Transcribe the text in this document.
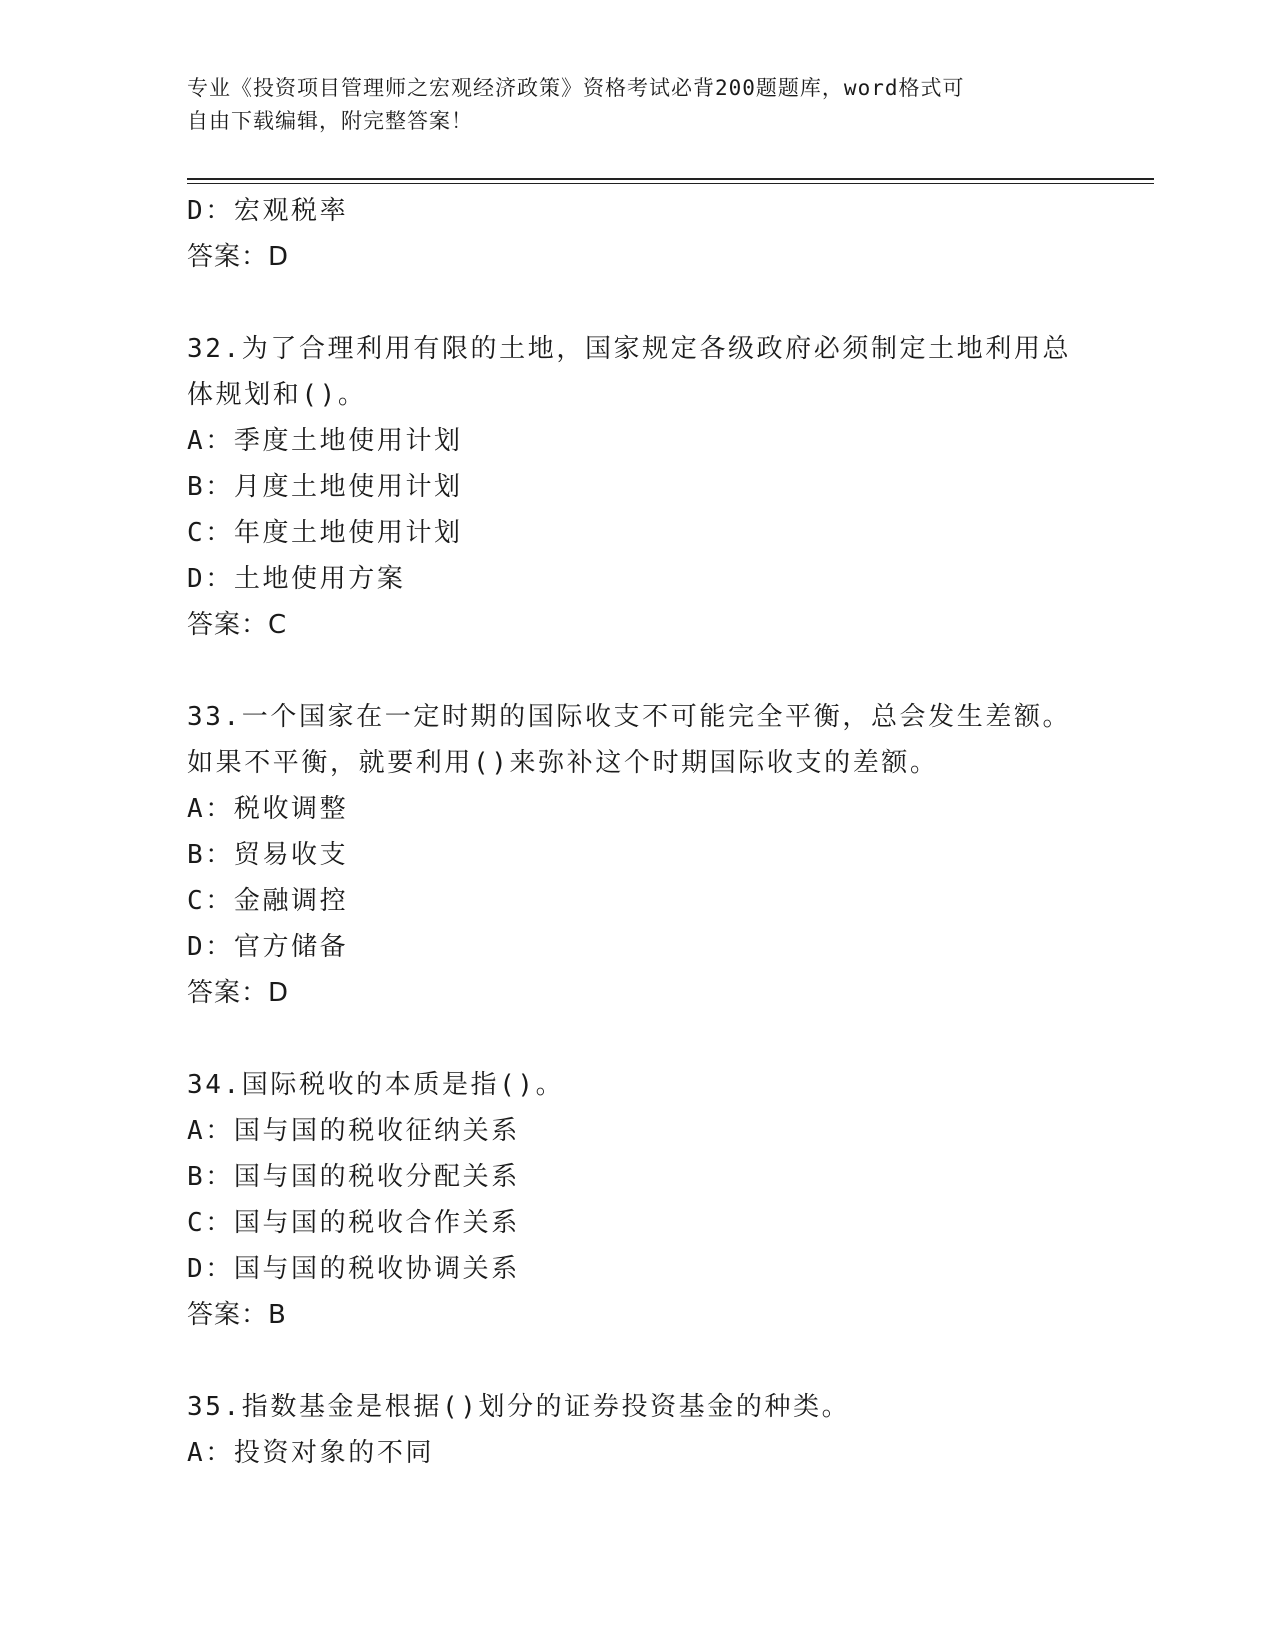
专业《投资项目管理师之宏观经济政策》资格考试必背200题题库，word格式可
自由下载编辑，附完整答案！
D：宏观税率
答案：D
32.为了合理利用有限的土地，国家规定各级政府必须制定土地利用总
体规划和()。
A：季度土地使用计划
B：月度土地使用计划
C：年度土地使用计划
D：土地使用方案
答案：C
33.一个国家在一定时期的国际收支不可能完全平衡，总会发生差额。
如果不平衡，就要利用()来弥补这个时期国际收支的差额。
A：税收调整
B：贸易收支
C：金融调控
D：官方储备
答案：D
34.国际税收的本质是指()。
A：国与国的税收征纳关系
B：国与国的税收分配关系
C：国与国的税收合作关系
D：国与国的税收协调关系
答案：B
35.指数基金是根据()划分的证券投资基金的种类。
A：投资对象的不同
